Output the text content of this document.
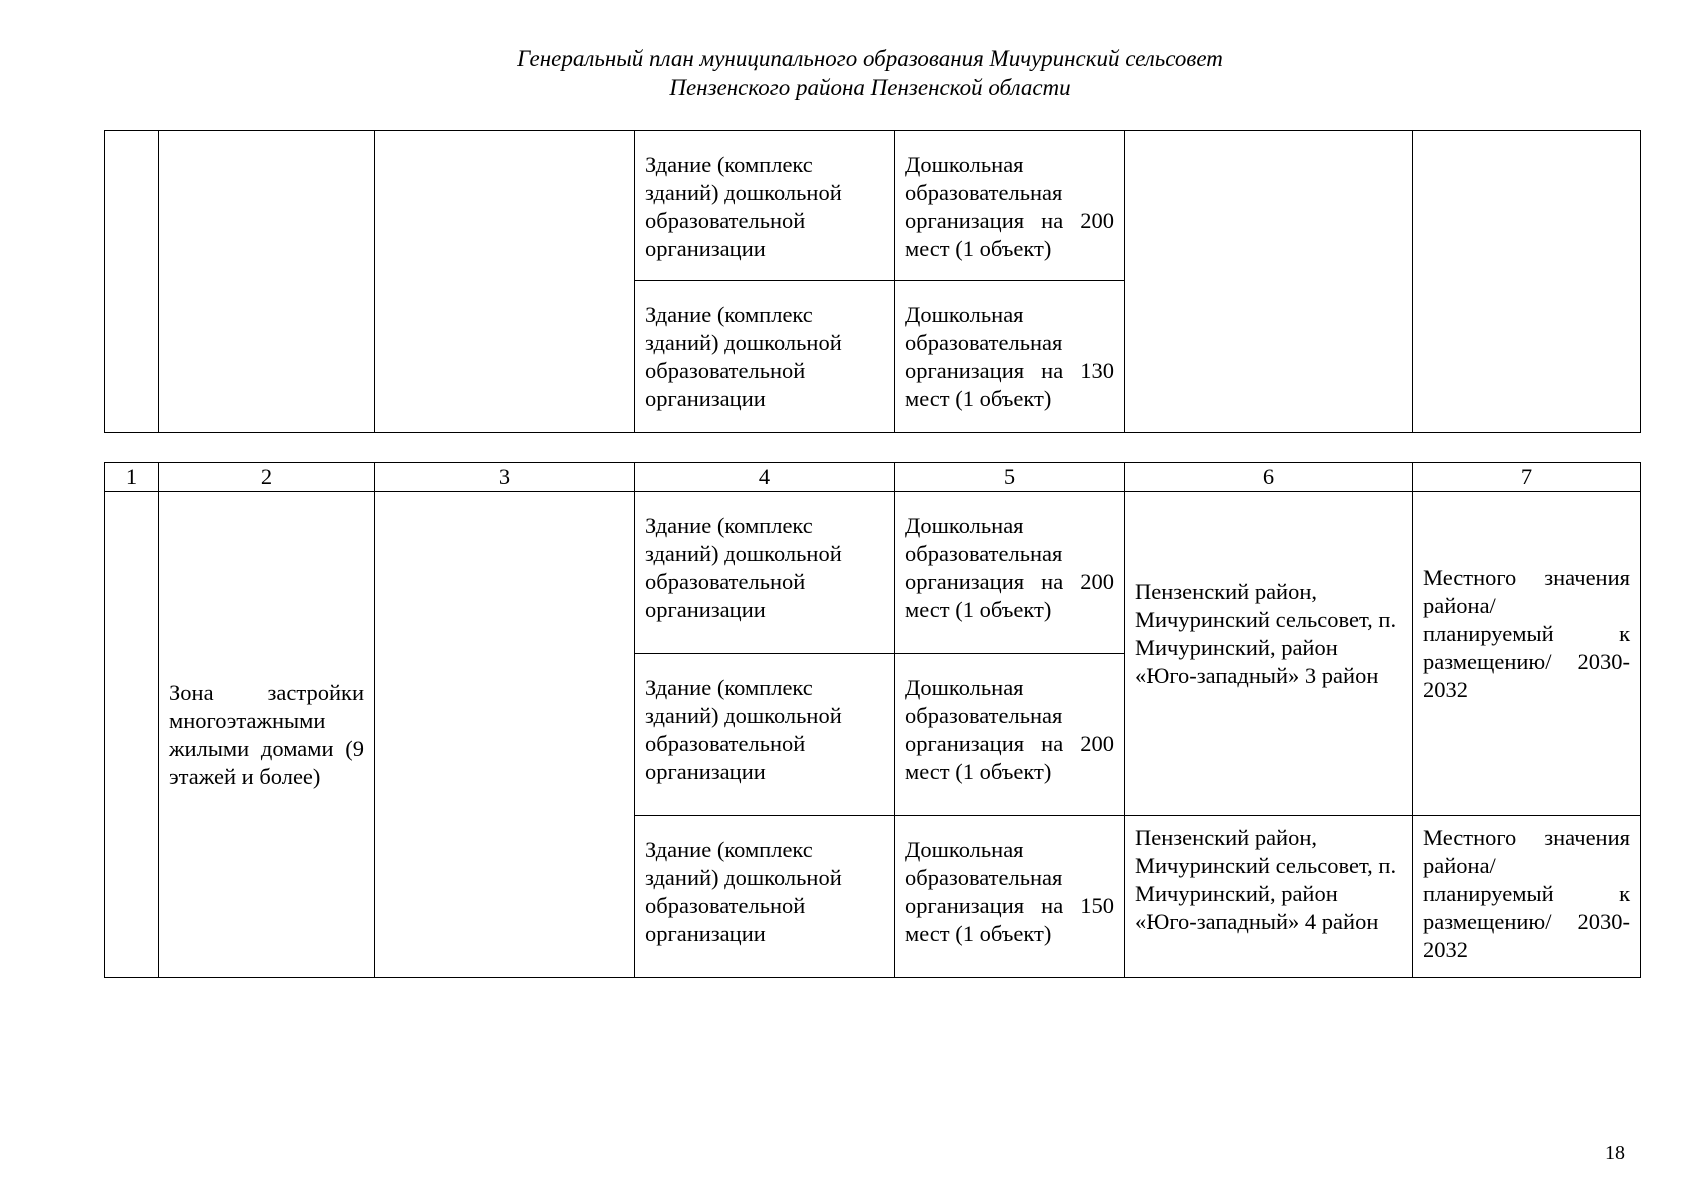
Генеральный план муниципального образования Мичуринский сельсовет
Пензенского района Пензенской области

			Здание (комплекс зданий) дошкольной образовательной организации	Дошкольная образовательная организация на 200 мест (1 объект)		

			Здание (комплекс зданий) дошкольной образовательной организации	Дошкольная образовательная организация на 130 мест (1 объект)		
1	2	3	4	5	6	7

	Зона застройки многоэтажными жилыми домами (9 этажей и более)		Здание (комплекс зданий) дошкольной образовательной организации	Дошкольная образовательная организация на 200 мест (1 объект)	Пензенский район, Мичуринский сельсовет, п. Мичуринский, район «Юго-западный» 3 район	Местного значения района/ планируемый к размещению/ 2030-2032

			Здание (комплекс зданий) дошкольной образовательной организации	Дошкольная образовательная организация на 200 мест (1 объект)		

			Здание (комплекс зданий) дошкольной образовательной организации	Дошкольная образовательная организация на 150 мест (1 объект)	Пензенский район, Мичуринский сельсовет, п. Мичуринский, район «Юго-западный» 4 район	Местного значения района/ планируемый к размещению/ 2030-2032
18
